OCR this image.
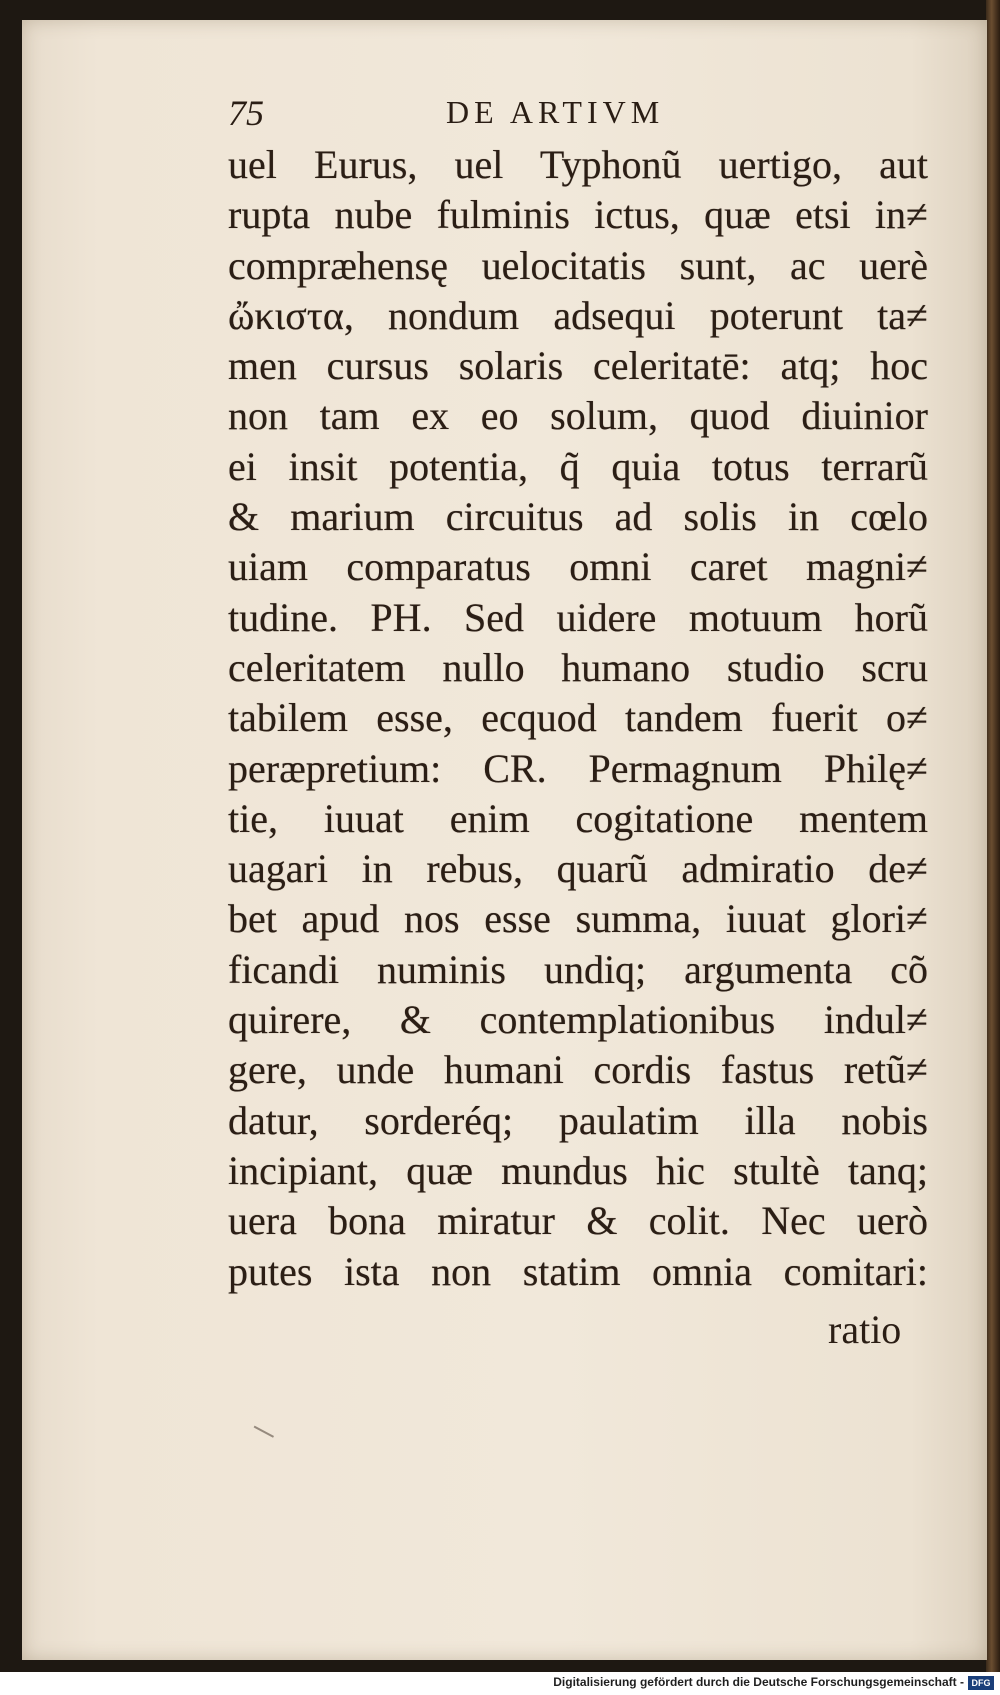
75	DE ARTIVM
uel Eurus, uel Typhonũ uertigo, aut
rupta nube fulminis ictus, quæ etsi in≠
compræhensę uelocitatis sunt, ac uerè
ὤκιστα, nondum adsequi poterunt ta≠
men cursus solaris celeritatē: atq; hoc
non tam ex eo solum, quod diuinior
ei insit potentia, q̃ quia totus terrarũ
& marium circuitus ad solis in cœlo
uiam comparatus omni caret magni≠
tudine. PH. Sed uidere motuum horũ
celeritatem nullo humano studio scru
tabilem esse, ecquod tandem fuerit o≠
peræpretium: CR. Permagnum Philę≠
tie, iuuat enim cogitatione mentem
uagari in rebus, quarũ admiratio de≠
bet apud nos esse summa, iuuat glori≠
ficandi numinis undiq; argumenta cõ
quirere, & contemplationibus indul≠
gere, unde humani cordis fastus retũ≠
datur, sorderéq; paulatim illa nobis
incipiant, quæ mundus hic stultè tanq;
uera bona miratur & colit. Nec uerò
putes ista non statim omnia comitari:
ratio
Digitalisierung gefördert durch die Deutsche Forschungsgemeinschaft - DFG
